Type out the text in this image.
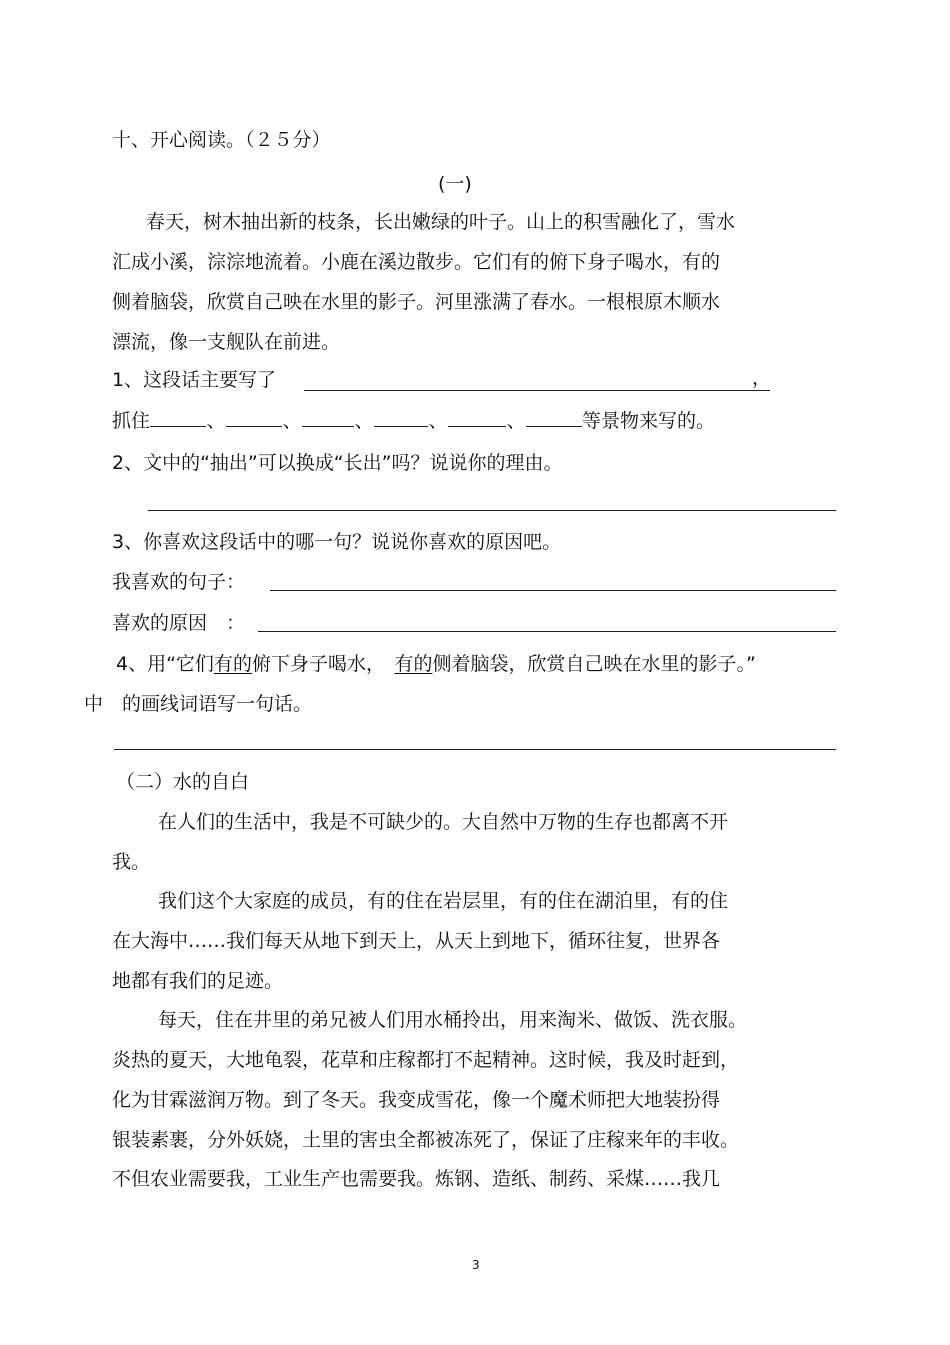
十、开心阅读。（２５分）
(一)
春天，树木抽出新的枝条，长出嫩绿的叶子。山上的积雪融化了，雪水
汇成小溪，淙淙地流着。小鹿在溪边散步。它们有的俯下身子喝水，有的
侧着脑袋，欣赏自己映在水里的影子。河里涨满了春水。一根根原木顺水
漂流，像一支舰队在前进。
1、这段话主要写了	，
抓住	、	、	、	、	、	等景物来写的。
2、文中的“抽出”可以换成“长出”吗？说说你的理由。
3、你喜欢这段话中的哪一句？说说你喜欢的原因吧。
我喜欢的句子：
喜欢的原因　：
4、用“它们有的俯下身子喝水，　有的侧着脑袋，欣赏自己映在水里的影子。”
中　的画线词语写一句话。
（二）水的自白
在人们的生活中，我是不可缺少的。大自然中万物的生存也都离不开
我。
我们这个大家庭的成员，有的住在岩层里，有的住在湖泊里，有的住
在大海中……我们每天从地下到天上，从天上到地下，循环往复，世界各
地都有我们的足迹。
每天，住在井里的弟兄被人们用水桶拎出，用来淘米、做饭、洗衣服。
炎热的夏天，大地龟裂，花草和庄稼都打不起精神。这时候，我及时赶到，
化为甘霖滋润万物。到了冬天。我变成雪花，像一个魔术师把大地装扮得
银装素裹，分外妖娆，土里的害虫全都被冻死了，保证了庄稼来年的丰收。
不但农业需要我，工业生产也需要我。炼钢、造纸、制药、采煤……我几
3
